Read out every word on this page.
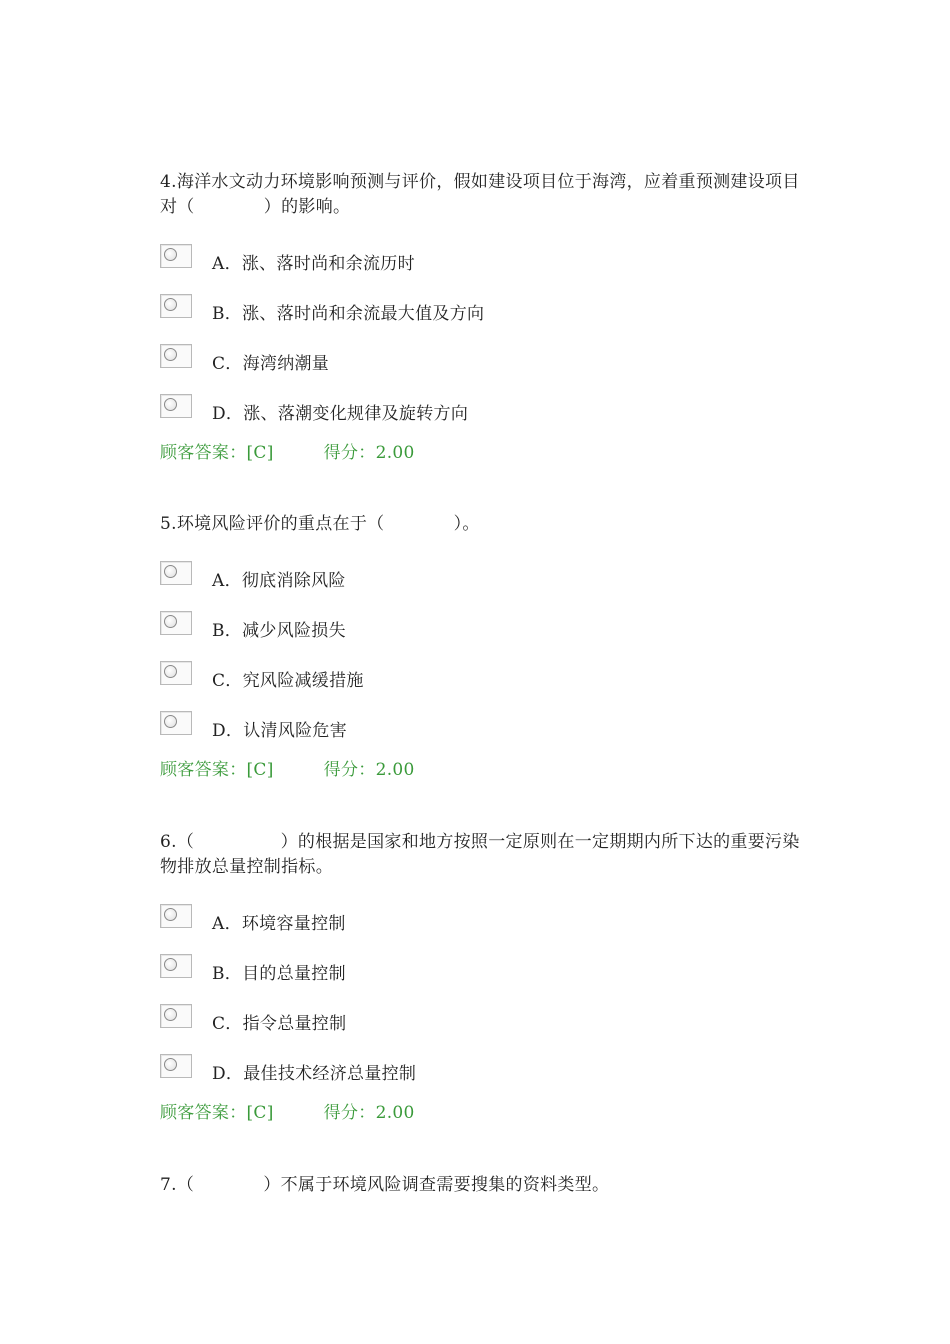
4.海洋水文动力环境影响预测与评价，假如建设项目位于海湾，应着重预测建设项目对（　　　　）的影响。

A．涨、落时尚和余流历时
B．涨、落时尚和余流最大值及方向
C．海湾纳潮量
D．涨、落潮变化规律及旋转方向
顾客答案：[C]	得分：2.00

5.环境风险评价的重点在于（　　　　）。

A．彻底消除风险
B．减少风险损失
C．究风险减缓措施
D．认清风险危害
顾客答案：[C]	得分：2.00

6.（　　　　　）的根据是国家和地方按照一定原则在一定期期内所下达的重要污染物排放总量控制指标。

A．环境容量控制
B．目的总量控制
C．指令总量控制
D．最佳技术经济总量控制
顾客答案：[C]	得分：2.00

7.（　　　　）不属于环境风险调查需要搜集的资料类型。
